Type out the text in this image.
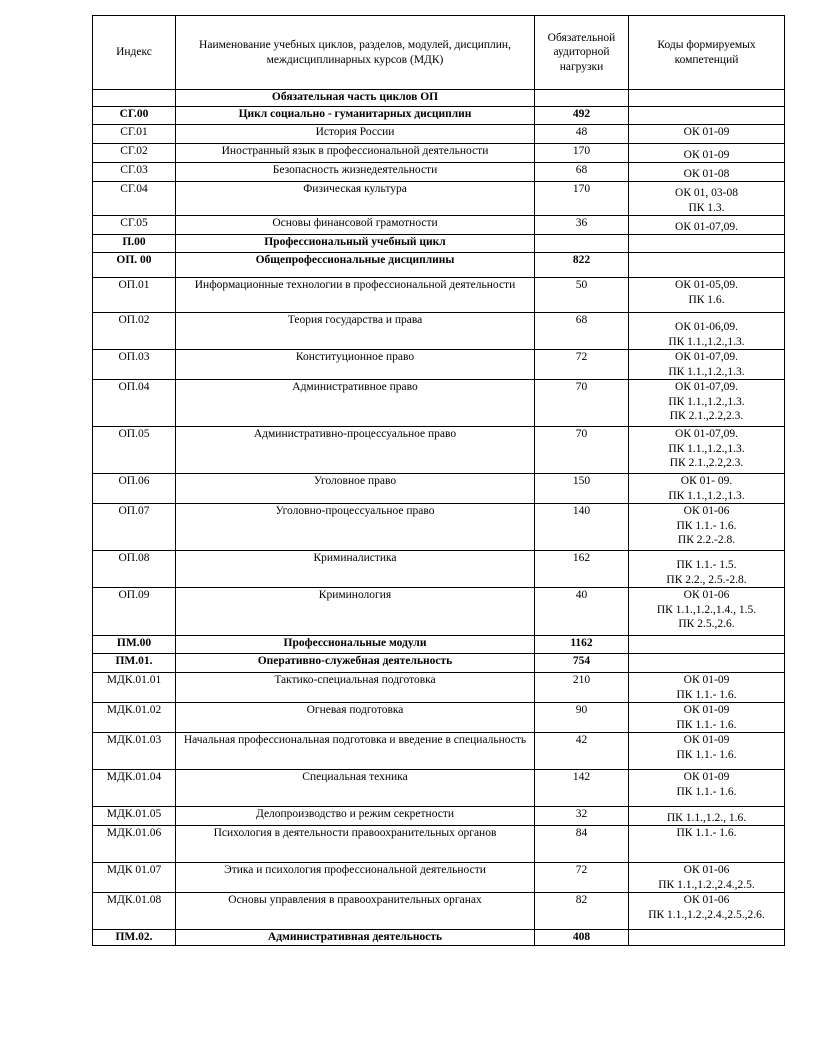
Индекс	Наименование учебных циклов, разделов, модулей, дисциплин, междисциплинарных курсов (МДК)	Обязательной аудиторной нагрузки	Коды формируемых компетенций
	Обязательная часть циклов ОП		
СГ.00	Цикл социально - гуманитарных дисциплин	492	
СГ.01	История России	48	ОК 01-09

СГ.02	Иностранный язык в профессиональной деятельности	170	ОК 01-09

СГ.03	Безопасность жизнедеятельности	68	ОК 01-08

СГ.04	Физическая культура	170	ОК 01, 03-08
ПК 1.3.

СГ.05	Основы финансовой грамотности	36	ОК 01-07,09.

П.00	Профессиональный учебный цикл		
ОП. 00	Общепрофессиональные дисциплины	822	
ОП.01	Информационные технологии в профессиональной деятельности	50	ОК 01-05,09.
ПК 1.6.

ОП.02	Теория государства и права	68	ОК 01-06,09.
ПК 1.1.,1.2.,1.3.

ОП.03	Конституционное право	72	ОК 01-07,09.
ПК 1.1.,1.2.,1.3.

ОП.04	Административное право	70	ОК 01-07,09.
ПК 1.1.,1.2.,1.3.
ПК 2.1.,2.2,2.3.

ОП.05	Административно-процессуальное право	70	ОК 01-07,09.
ПК 1.1.,1.2.,1.3.
ПК 2.1.,2.2,2.3.

ОП.06	Уголовное право	150	ОК 01- 09.
ПК 1.1.,1.2.,1.3.

ОП.07	Уголовно-процессуальное право	140	ОК 01-06
ПК 1.1.- 1.6.
ПК 2.2.-2.8.

ОП.08	Криминалистика	162	ПК 1.1.- 1.5.
ПК 2.2., 2.5.-2.8.

ОП.09	Криминология	40	ОК 01-06
ПК 1.1.,1.2.,1.4., 1.5.
ПК 2.5.,2.6.

ПМ.00	Профессиональные модули	1162	
ПМ.01.	Оперативно-служебная деятельность	754	
МДК.01.01	Тактико-специальная подготовка	210	ОК 01-09
ПК 1.1.- 1.6.

МДК.01.02	Огневая подготовка	90	ОК 01-09
ПК 1.1.- 1.6.

МДК.01.03	Начальная профессиональная подготовка и введение в специальность	42	ОК 01-09
ПК 1.1.- 1.6.

МДК.01.04	Специальная техника	142	ОК 01-09
ПК 1.1.- 1.6.

МДК.01.05	Делопроизводство и режим секретности	32	ПК 1.1.,1.2., 1.6.

МДК.01.06	Психология в деятельности правоохранительных органов	84	ПК 1.1.- 1.6.

МДК 01.07	Этика и психология профессиональной деятельности	72	ОК 01-06
ПК 1.1.,1.2.,2.4.,2.5.

МДК.01.08	Основы управления в правоохранительных органах	82	ОК 01-06
ПК 1.1.,1.2.,2.4.,2.5.,2.6.

ПМ.02.	Административная деятельность	408	
